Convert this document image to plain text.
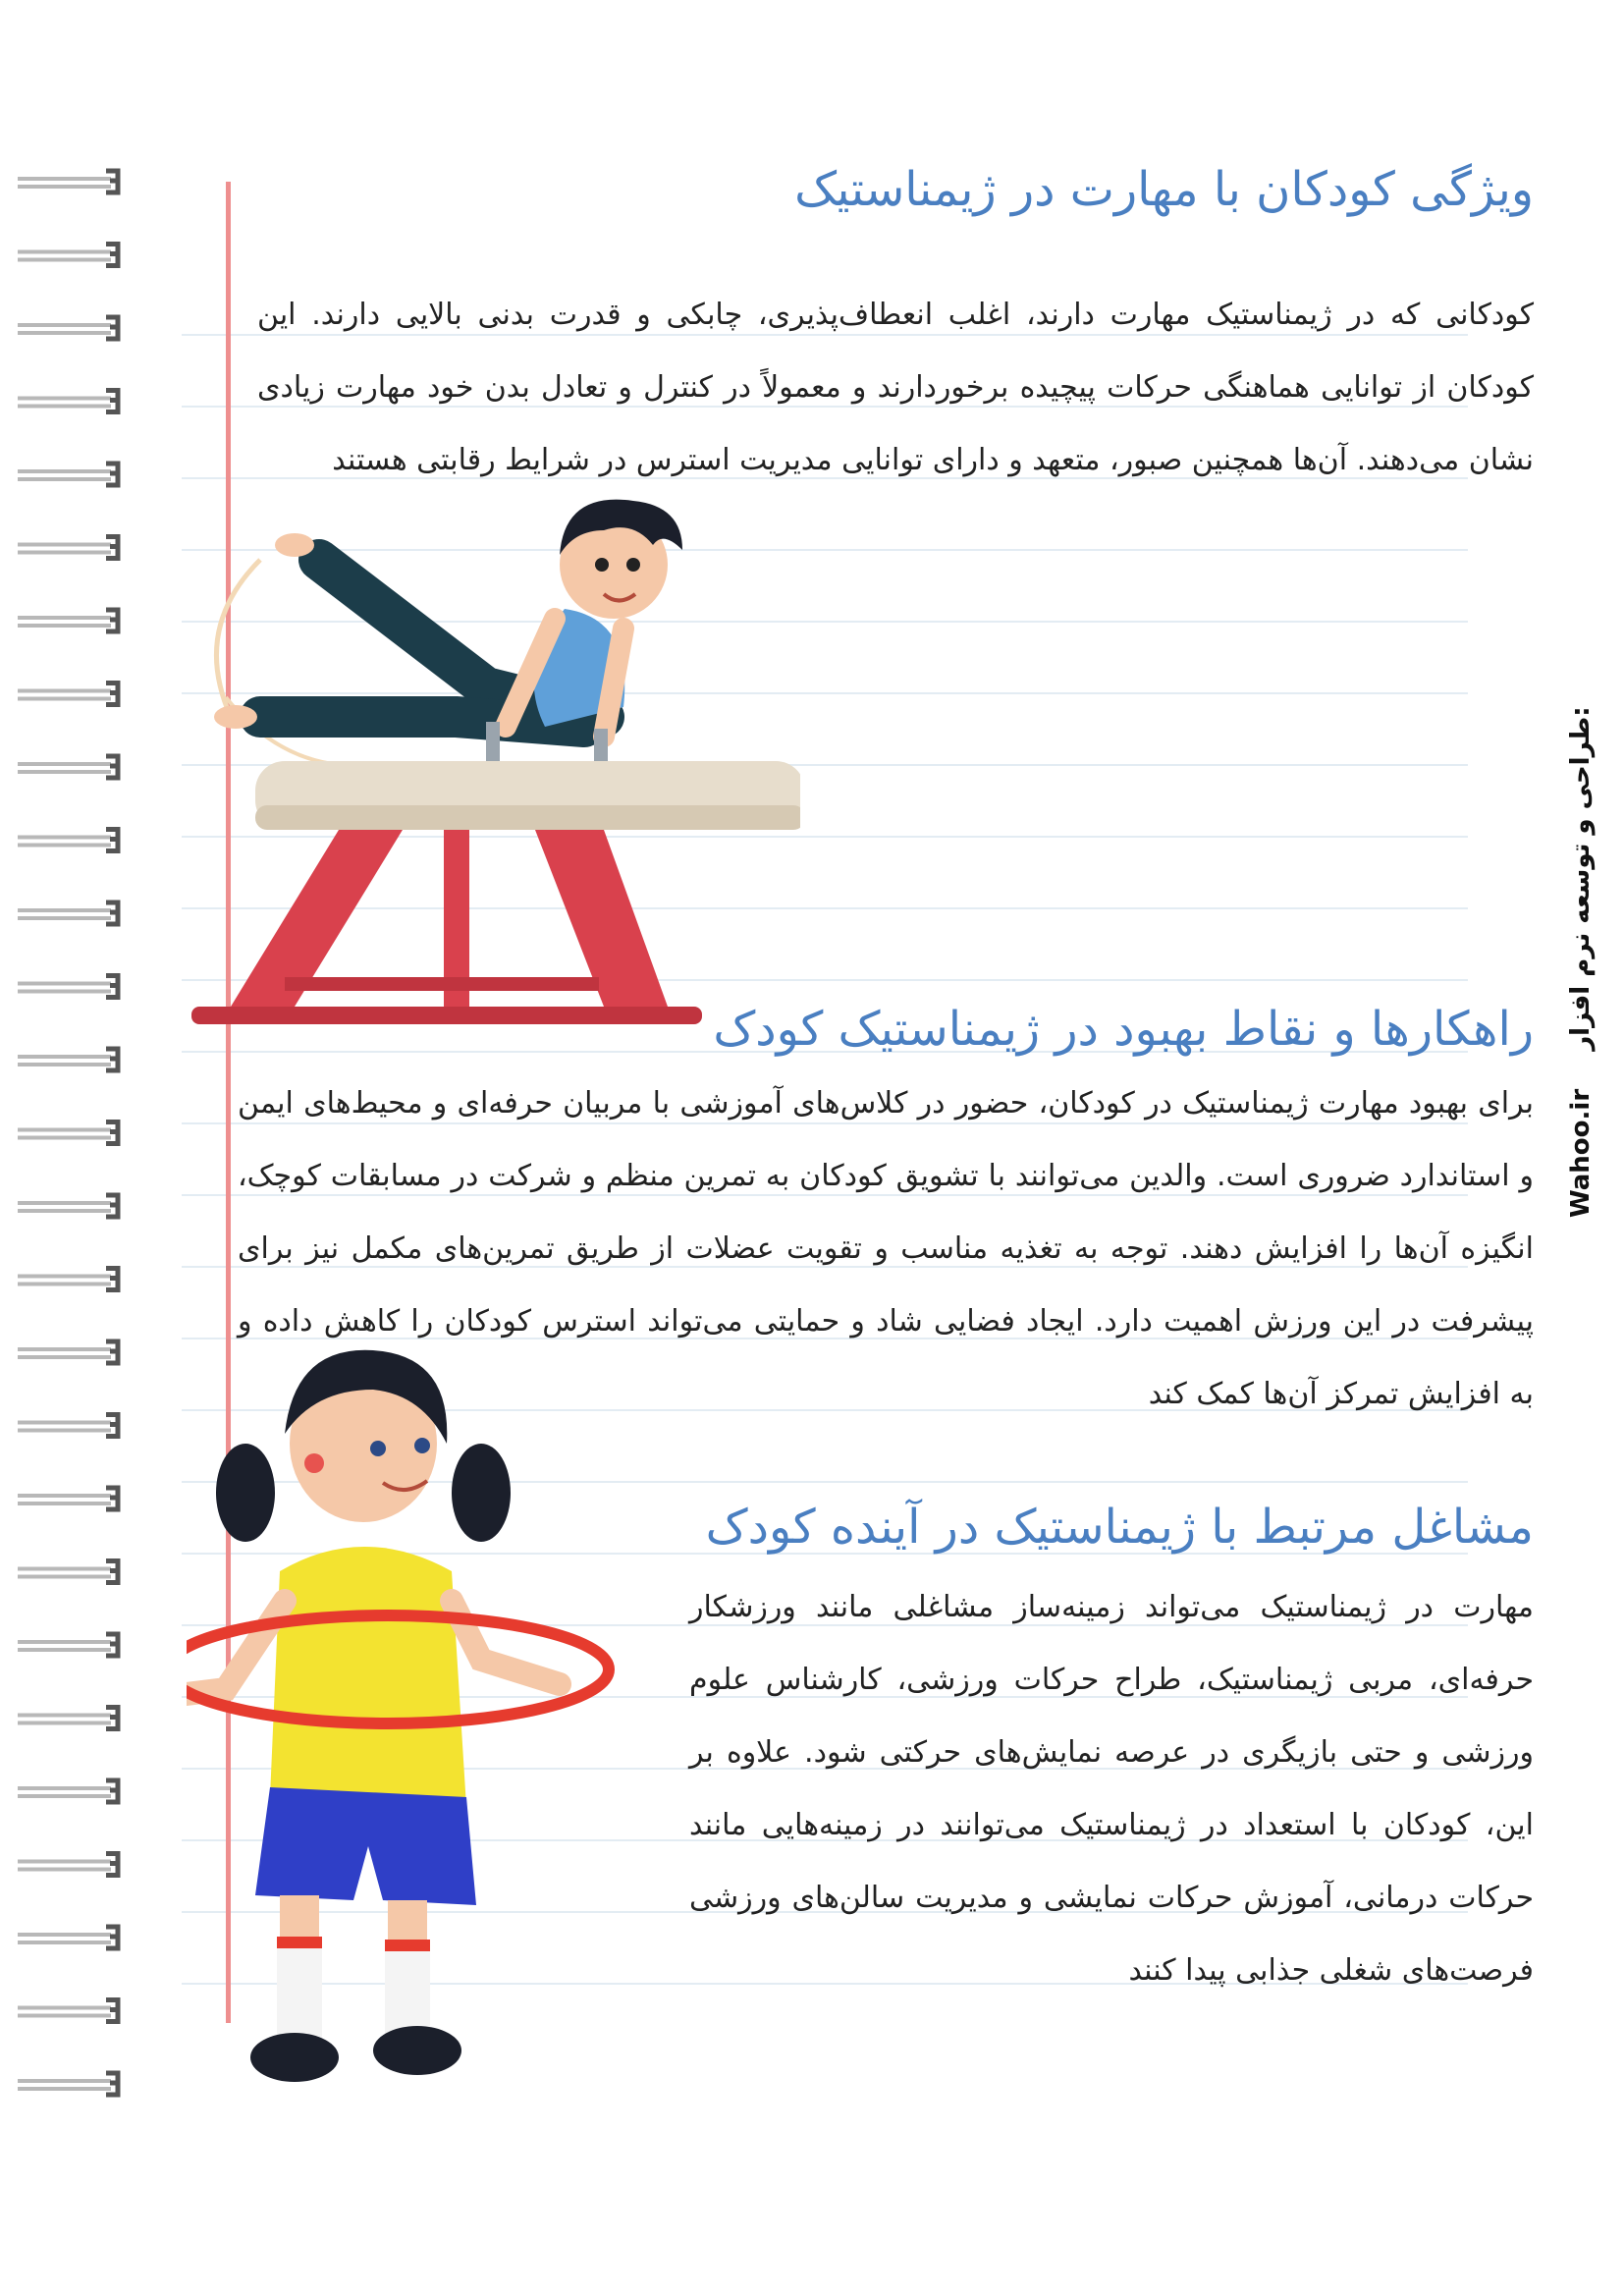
ویژگی کودکان با مهارت در ژیمناستیک

کودکانی که در ژیمناستیک مهارت دارند، اغلب انعطاف‌پذیری، چابکی و قدرت بدنی بالایی دارند. این کودکان از توانایی هماهنگی حرکات پیچیده برخوردارند و معمولاً در کنترل و تعادل بدن خود مهارت زیادی نشان می‌دهند. آن‌ها همچنین صبور، متعهد و دارای توانایی مدیریت استرس در شرایط رقابتی هستند

راهکارها و نقاط بهبود در ژیمناستیک کودک

برای بهبود مهارت ژیمناستیک در کودکان، حضور در کلاس‌های آموزشی با مربیان حرفه‌ای و محیط‌های ایمن و استاندارد ضروری است. والدین می‌توانند با تشویق کودکان به تمرین منظم و شرکت در مسابقات کوچک، انگیزه آن‌ها را افزایش دهند. توجه به تغذیه مناسب و تقویت عضلات از طریق تمرین‌های مکمل نیز برای پیشرفت در این ورزش اهمیت دارد. ایجاد فضایی شاد و حمایتی می‌تواند استرس کودکان را کاهش داده و به افزایش تمرکز آن‌ها کمک کند

مشاغل مرتبط با ژیمناستیک در آینده کودک

مهارت در ژیمناستیک می‌تواند زمینه‌ساز مشاغلی مانند ورزشکار حرفه‌ای، مربی ژیمناستیک، طراح حرکات ورزشی، کارشناس علوم ورزشی و حتی بازیگری در عرصه نمایش‌های حرکتی شود. علاوه بر این، کودکان با استعداد در ژیمناستیک می‌توانند در زمینه‌هایی مانند حرکات درمانی، آموزش حرکات نمایشی و مدیریت سالن‌های ورزشی فرصت‌های شغلی جذابی پیدا کنند

Wahoo.ir طراحی و توسعه نرم افزار:
